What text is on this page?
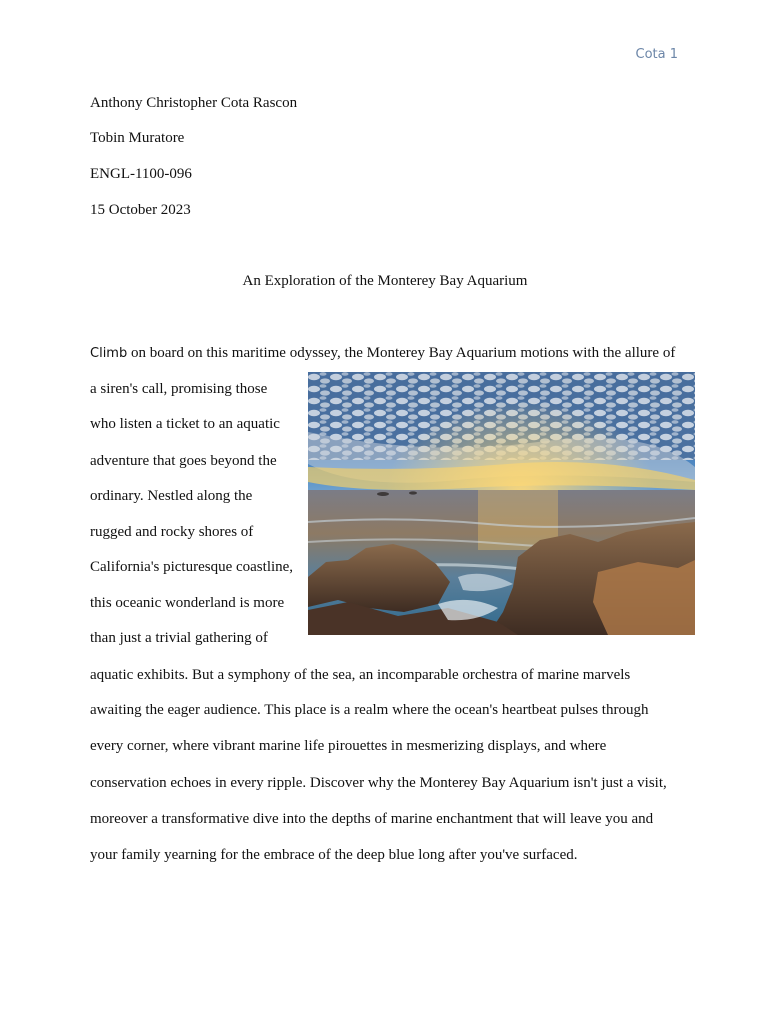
Cota 1
Anthony Christopher Cota Rascon
Tobin Muratore
ENGL-1100-096
15 October 2023
An Exploration of the Monterey Bay Aquarium
Climb on board on this maritime odyssey, the Monterey Bay Aquarium motions with the allure of
a siren's call, promising those
who listen a ticket to an aquatic
adventure that goes beyond the
ordinary. Nestled along the
rugged and rocky shores of
California's picturesque coastline,
this oceanic wonderland is more
than just a trivial gathering of
aquatic exhibits. But a symphony of the sea, an incomparable orchestra of marine marvels
awaiting the eager audience. This place is a realm where the ocean's heartbeat pulses through
every corner, where vibrant marine life pirouettes in mesmerizing displays, and where
conservation echoes in every ripple. Discover why the Monterey Bay Aquarium isn't just a visit,
moreover a transformative dive into the depths of marine enchantment that will leave you and
your family yearning for the embrace of the deep blue long after you've surfaced.
